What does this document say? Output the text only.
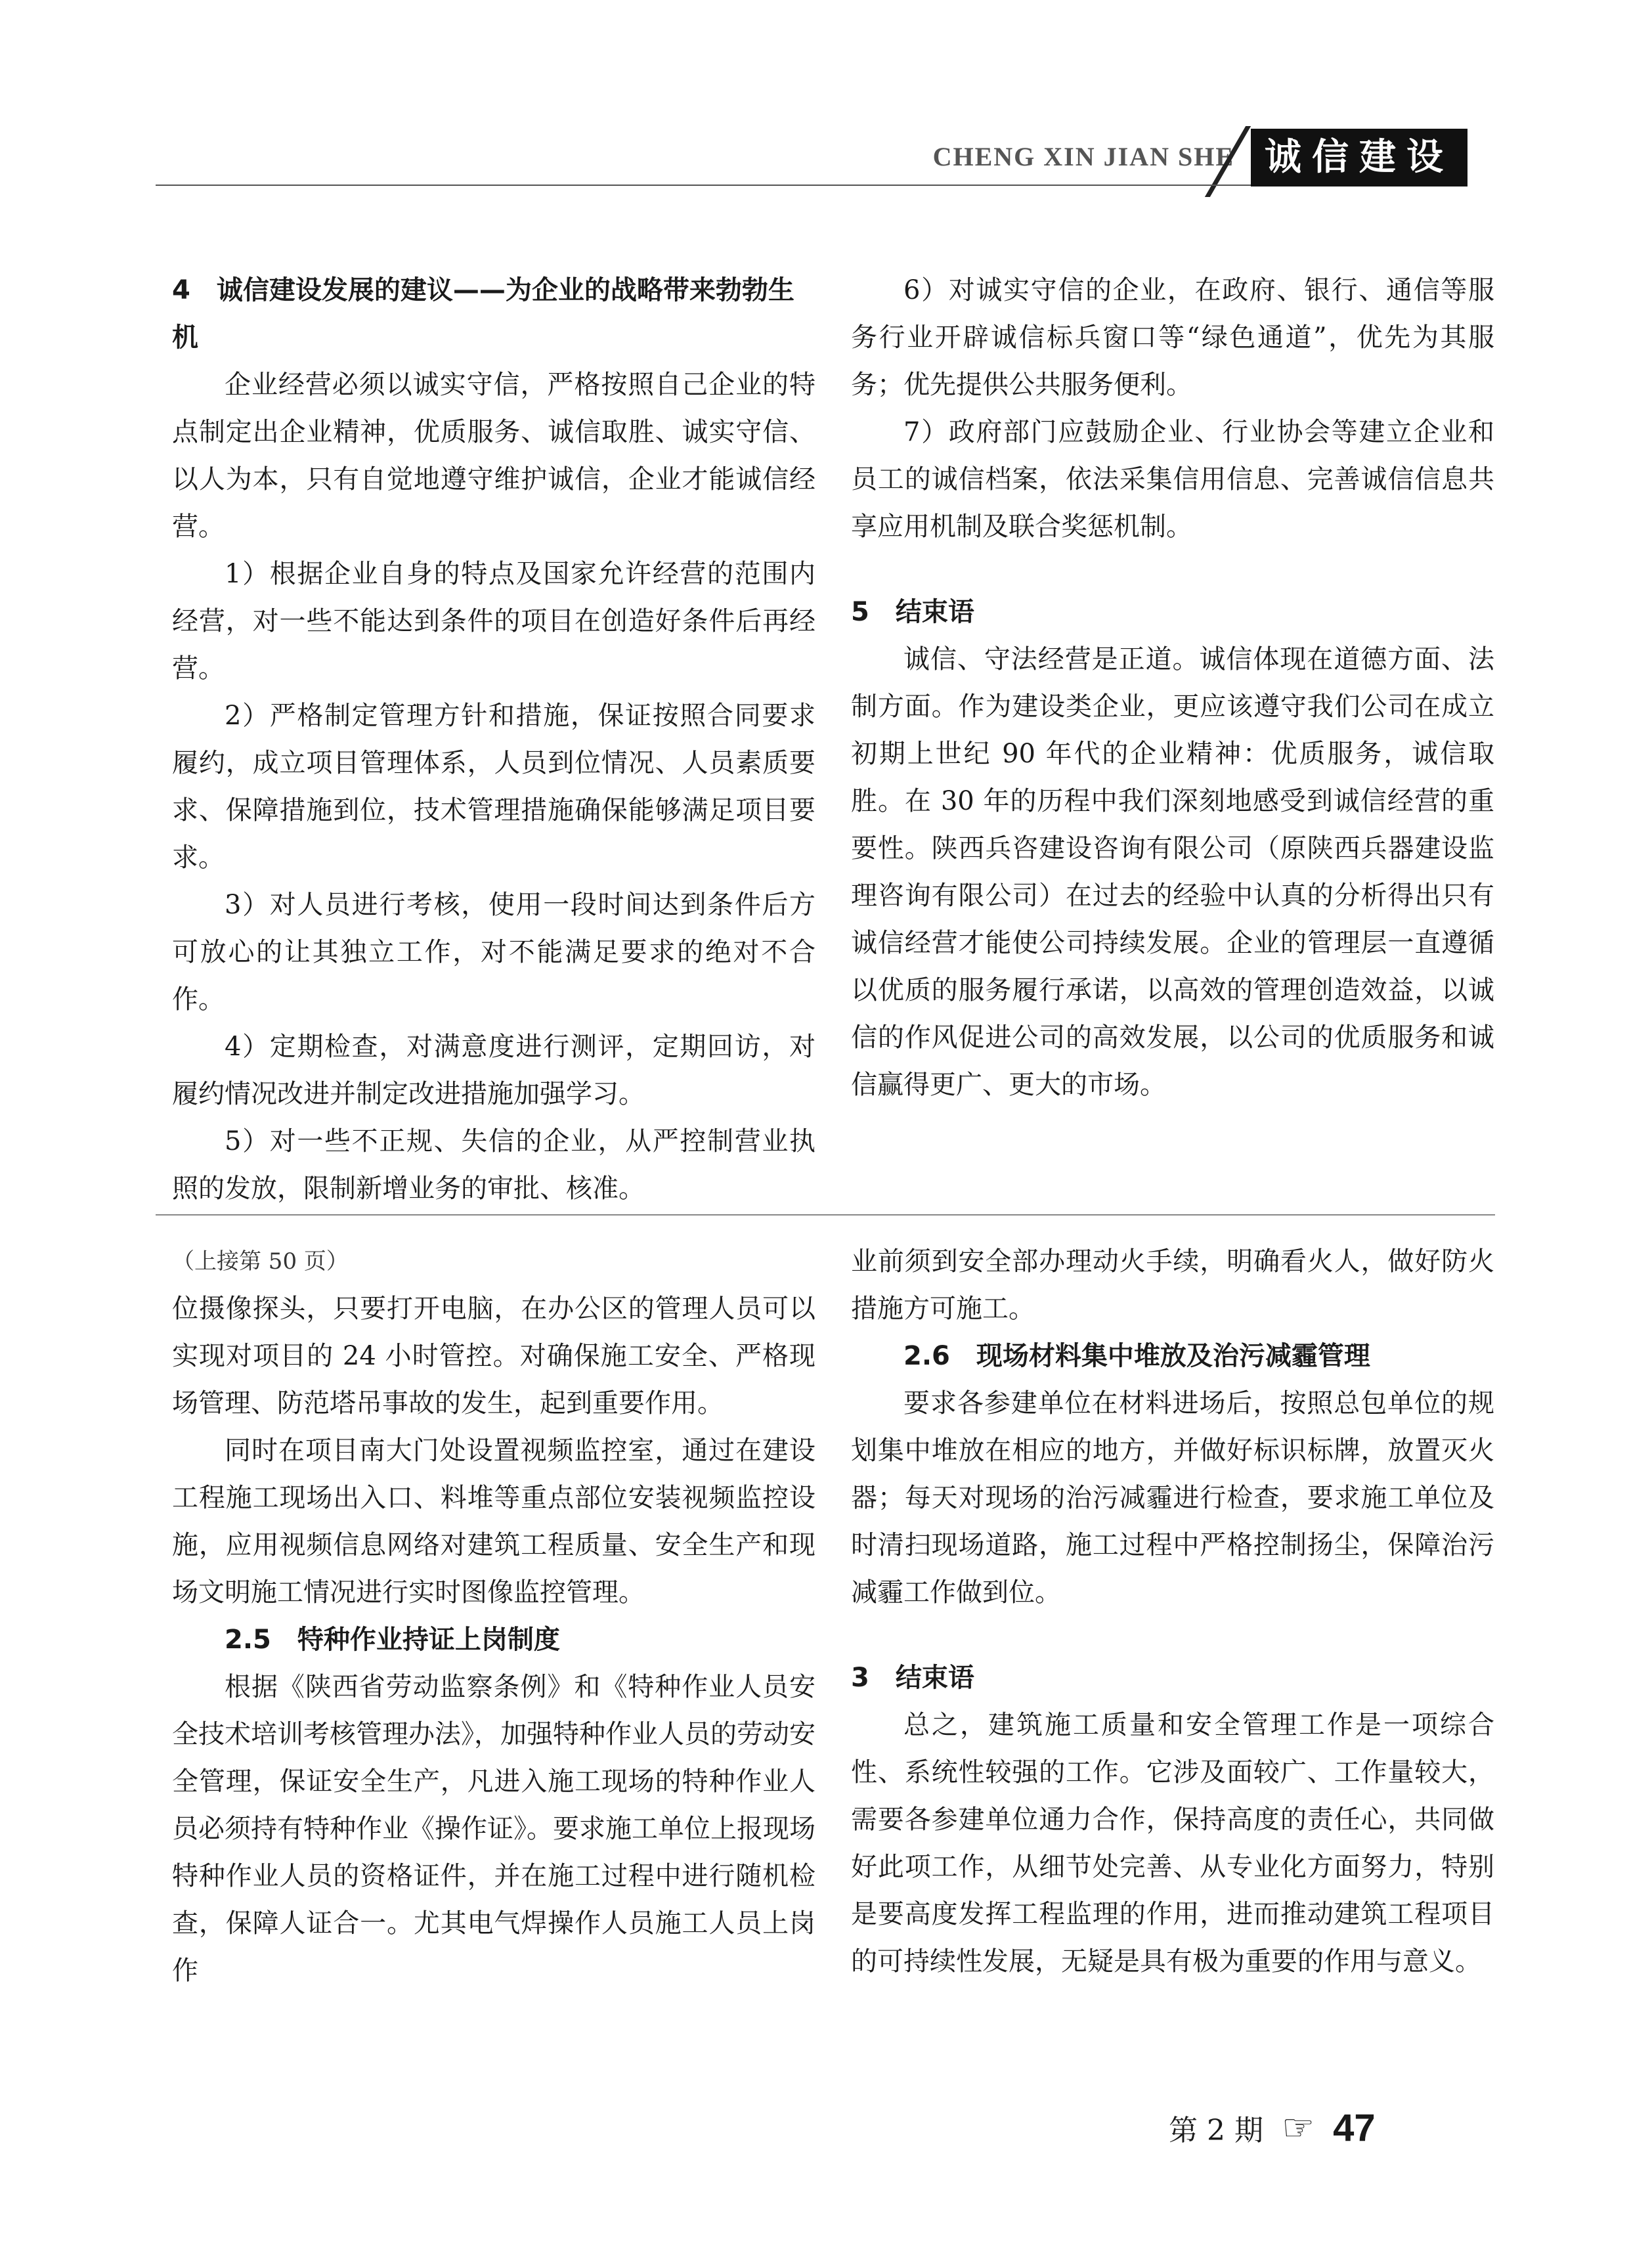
CHENG XIN JIAN SHE 诚信建设
4　诚信建设发展的建议——为企业的战略带来勃勃生机

企业经营必须以诚实守信，严格按照自己企业的特点制定出企业精神，优质服务、诚信取胜、诚实守信、以人为本，只有自觉地遵守维护诚信，企业才能诚信经营。

1）根据企业自身的特点及国家允许经营的范围内经营，对一些不能达到条件的项目在创造好条件后再经营。

2）严格制定管理方针和措施，保证按照合同要求履约，成立项目管理体系，人员到位情况、人员素质要求、保障措施到位，技术管理措施确保能够满足项目要求。

3）对人员进行考核，使用一段时间达到条件后方可放心的让其独立工作，对不能满足要求的绝对不合作。

4）定期检查，对满意度进行测评，定期回访，对履约情况改进并制定改进措施加强学习。

5）对一些不正规、失信的企业，从严控制营业执照的发放，限制新增业务的审批、核准。

6）对诚实守信的企业，在政府、银行、通信等服务行业开辟诚信标兵窗口等“绿色通道”，优先为其服务；优先提供公共服务便利。

7）政府部门应鼓励企业、行业协会等建立企业和员工的诚信档案，依法采集信用信息、完善诚信信息共享应用机制及联合奖惩机制。

5　结束语

诚信、守法经营是正道。诚信体现在道德方面、法制方面。作为建设类企业，更应该遵守我们公司在成立初期上世纪 90 年代的企业精神：优质服务，诚信取胜。在 30 年的历程中我们深刻地感受到诚信经营的重要性。陕西兵咨建设咨询有限公司（原陕西兵器建设监理咨询有限公司）在过去的经验中认真的分析得出只有诚信经营才能使公司持续发展。企业的管理层一直遵循以优质的服务履行承诺，以高效的管理创造效益，以诚信的作风促进公司的高效发展，以公司的优质服务和诚信赢得更广、更大的市场。

（上接第 50 页）

位摄像探头，只要打开电脑，在办公区的管理人员可以实现对项目的 24 小时管控。对确保施工安全、严格现场管理、防范塔吊事故的发生，起到重要作用。

同时在项目南大门处设置视频监控室，通过在建设工程施工现场出入口、料堆等重点部位安装视频监控设施，应用视频信息网络对建筑工程质量、安全生产和现场文明施工情况进行实时图像监控管理。

2.5　特种作业持证上岗制度

根据《陕西省劳动监察条例》和《特种作业人员安全技术培训考核管理办法》，加强特种作业人员的劳动安全管理，保证安全生产，凡进入施工现场的特种作业人员必须持有特种作业《操作证》。要求施工单位上报现场特种作业人员的资格证件，并在施工过程中进行随机检查，保障人证合一。尤其电气焊操作人员施工人员上岗作

业前须到安全部办理动火手续，明确看火人，做好防火措施方可施工。

2.6　现场材料集中堆放及治污减霾管理

要求各参建单位在材料进场后，按照总包单位的规划集中堆放在相应的地方，并做好标识标牌，放置灭火器；每天对现场的治污减霾进行检查，要求施工单位及时清扫现场道路，施工过程中严格控制扬尘，保障治污减霾工作做到位。

3　结束语

总之，建筑施工质量和安全管理工作是一项综合性、系统性较强的工作。它涉及面较广、工作量较大，需要各参建单位通力合作，保持高度的责任心，共同做好此项工作，从细节处完善、从专业化方面努力，特别是要高度发挥工程监理的作用，进而推动建筑工程项目的可持续性发展，无疑是具有极为重要的作用与意义。

第 2 期 ☞ 47
